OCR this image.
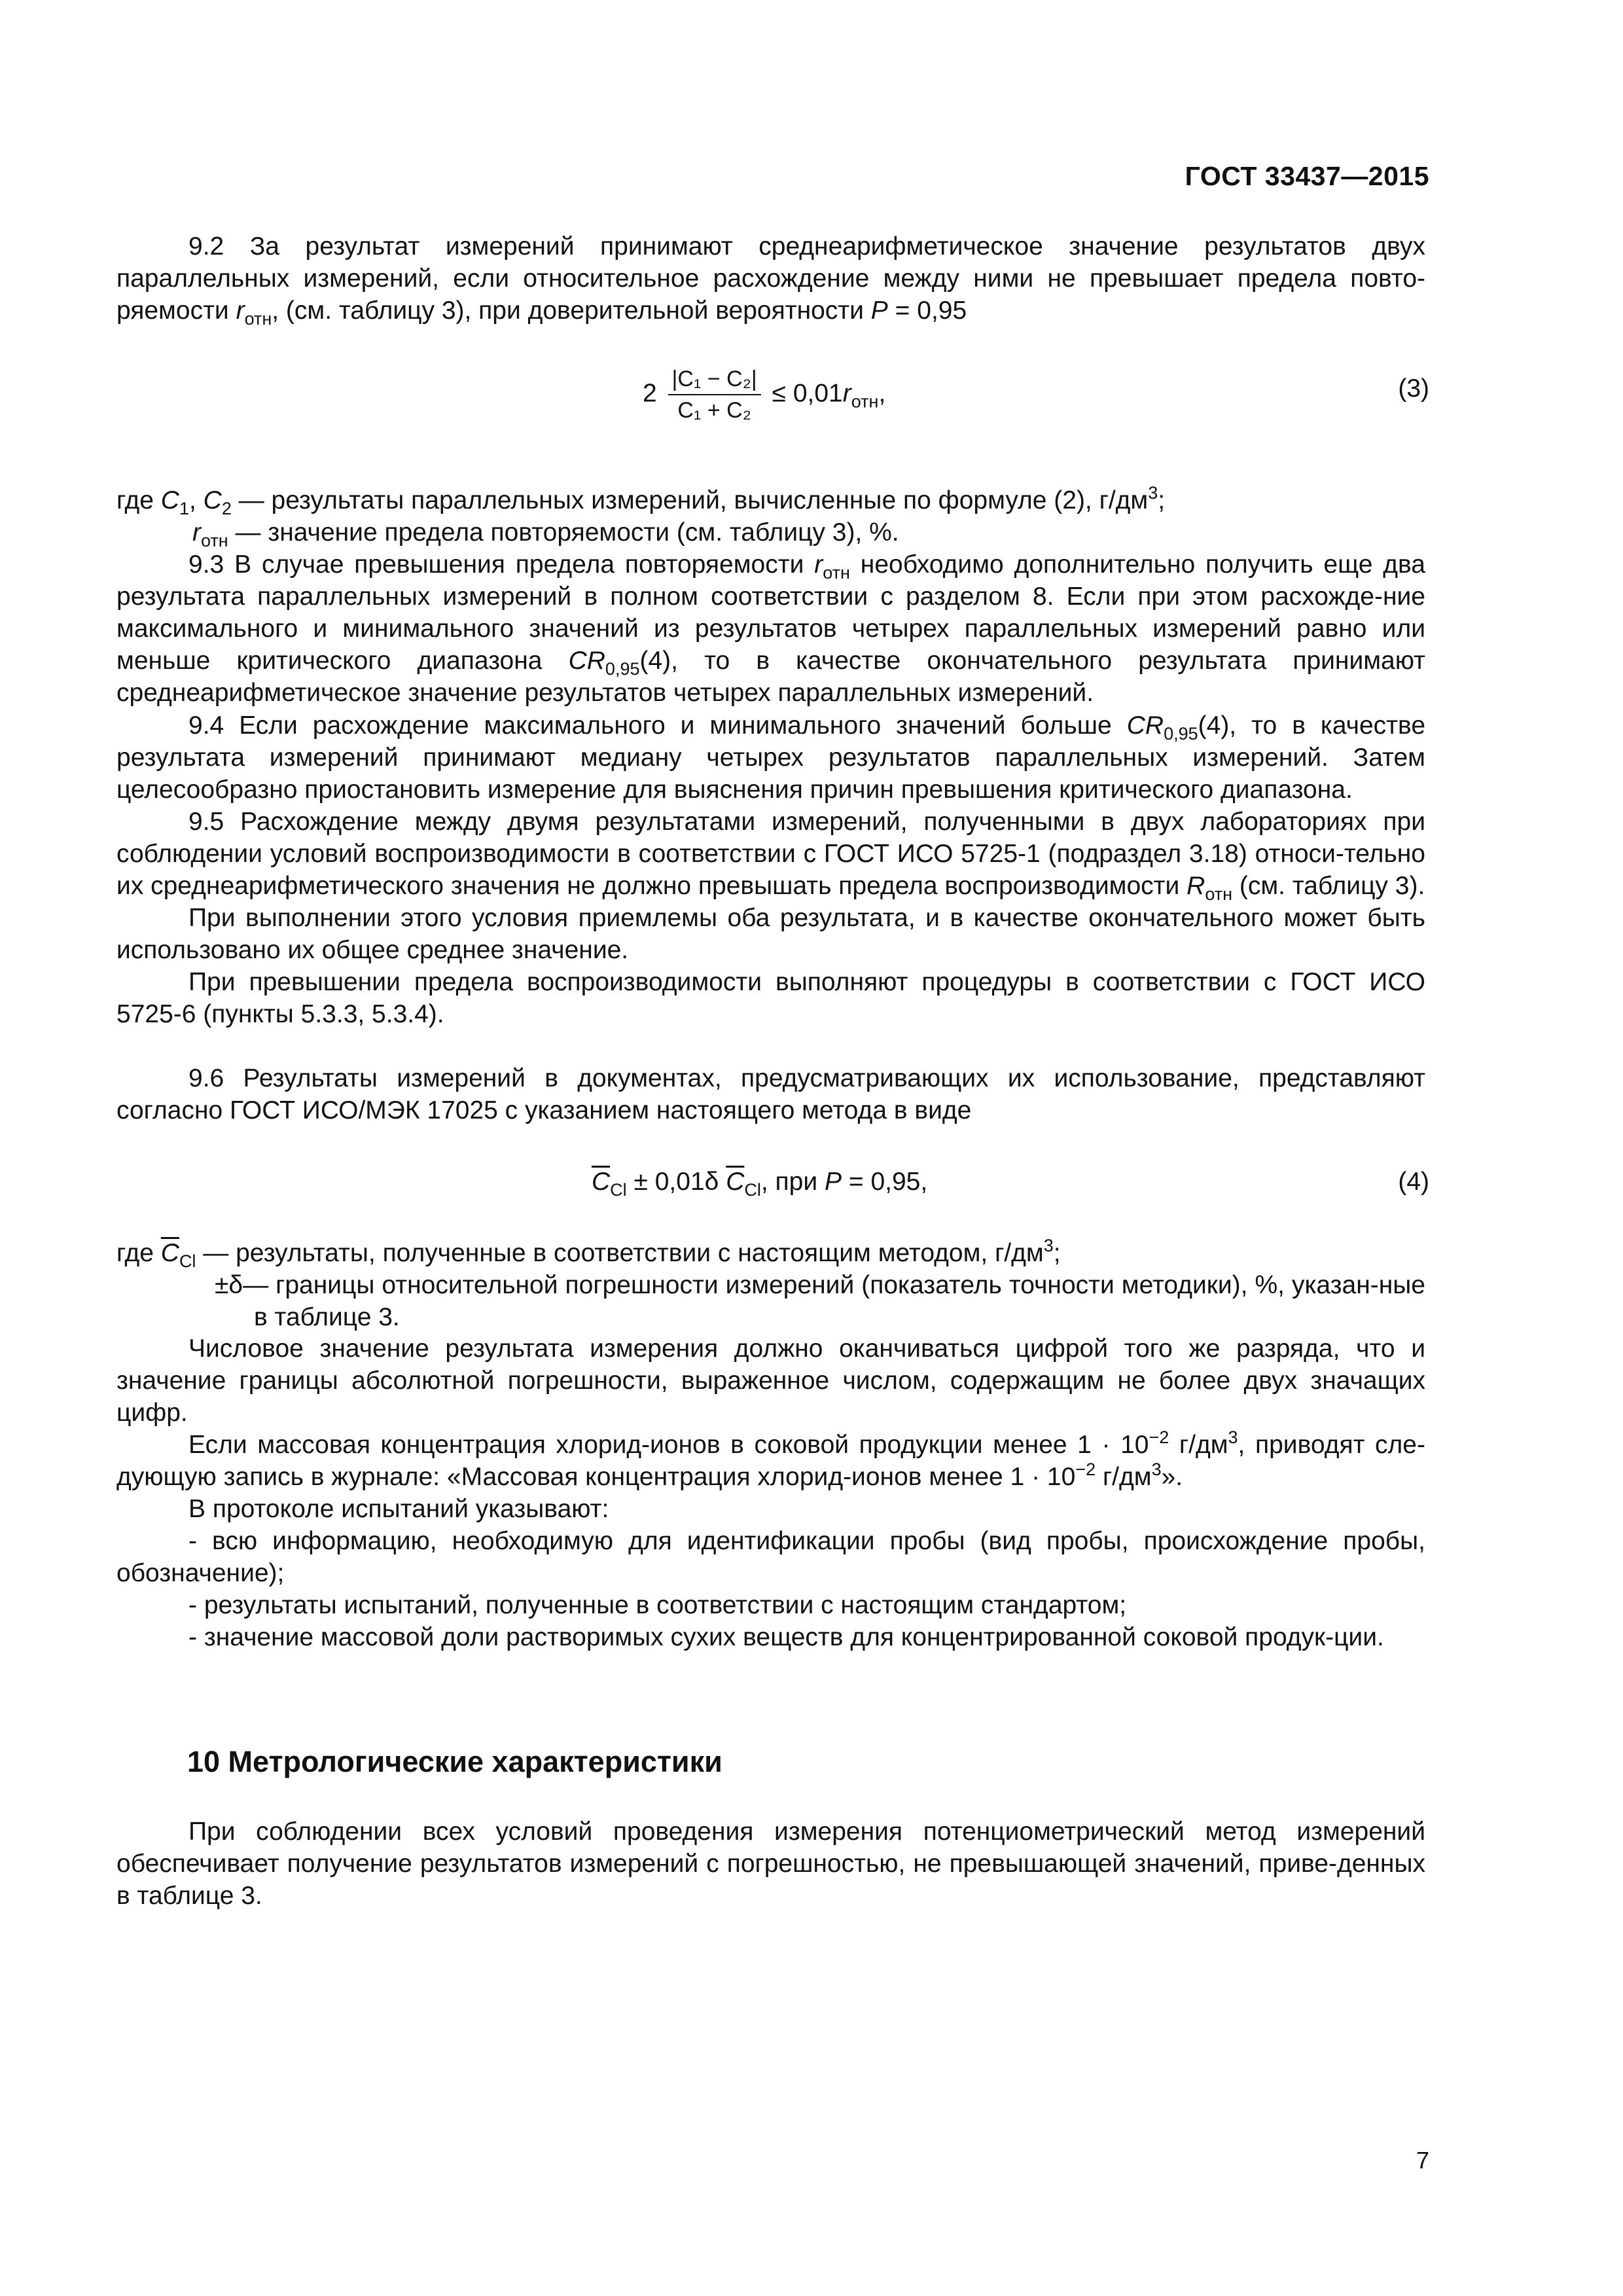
ГОСТ 33437—2015

9.2 За результат измерений принимают среднеарифметическое значение результатов двух параллельных измерений, если относительное расхождение между ними не превышает предела повто-ряемости $r_{отн}$, (см. таблицу 3), при доверительной вероятности P = 0,95

$2 \frac{\text{|C₁ − C₂|}}{\text{C₁ + C₂}} \le 0,01r_{отн}$,	(3)

где $C_1$, $C_2$ — результаты параллельных измерений, вычисленные по формуле (2), $г/дм^3$;

$r_{отн}$ — значение предела повторяемости (см. таблицу 3), %.

9.3 В случае превышения предела повторяемости $r_{отн}$ необходимо дополнительно получить еще два результата параллельных измерений в полном соответствии с разделом 8. Если при этом расхожде-ние максимального и минимального значений из результатов четырех параллельных измерений равно или меньше критического диапазона $CR_{0,95}(4)$, то в качестве окончательного результата принимают среднеарифметическое значение результатов четырех параллельных измерений.

9.4 Если расхождение максимального и минимального значений больше $CR_{0,95}(4)$, то в качестве результата измерений принимают медиану четырех результатов параллельных измерений. Затем целесообразно приостановить измерение для выяснения причин превышения критического диапазона.

9.5 Расхождение между двумя результатами измерений, полученными в двух лабораториях при соблюдении условий воспроизводимости в соответствии с ГОСТ ИСО 5725-1 (подраздел 3.18) относи-тельно их среднеарифметического значения не должно превышать предела воспроизводимости $R_{отн}$ (см. таблицу 3).

При выполнении этого условия приемлемы оба результата, и в качестве окончательного может быть использовано их общее среднее значение.

При превышении предела воспроизводимости выполняют процедуры в соответствии с ГОСТ ИСО 5725-6 (пункты 5.3.3, 5.3.4).

9.6 Результаты измерений в документах, предусматривающих их использование, представляют согласно ГОСТ ИСО/МЭК 17025 с указанием настоящего метода в виде

$\overline{C}_{Cl} \pm 0,01\delta$ $\overline{C}_{Cl}$, при P = 0,95,	(4)

где $\overline{C}_{Cl}$ — результаты, полученные в соответствии с настоящим методом, $г/дм^3$;

±δ— границы относительной погрешности измерений (показатель точности методики), %, указан-ные в таблице 3.

Числовое значение результата измерения должно оканчиваться цифрой того же разряда, что и значение границы абсолютной погрешности, выраженное числом, содержащим не более двух значащих цифр.

Если массовая концентрация хлорид-ионов в соковой продукции менее $1 \cdot 10^{-2}$ $г/дм^3$, приводят сле-дующую запись в журнале: «Массовая концентрация хлорид-ионов менее $1 \cdot 10^{-2}$ $г/дм^3$».

В протоколе испытаний указывают:

- всю информацию, необходимую для идентификации пробы (вид пробы, происхождение пробы, обозначение);

- результаты испытаний, полученные в соответствии с настоящим стандартом;

- значение массовой доли растворимых сухих веществ для концентрированной соковой продук-ции.

10 Метрологические характеристики

При соблюдении всех условий проведения измерения потенциометрический метод измерений обеспечивает получение результатов измерений с погрешностью, не превышающей значений, приве-денных в таблице 3.

7
